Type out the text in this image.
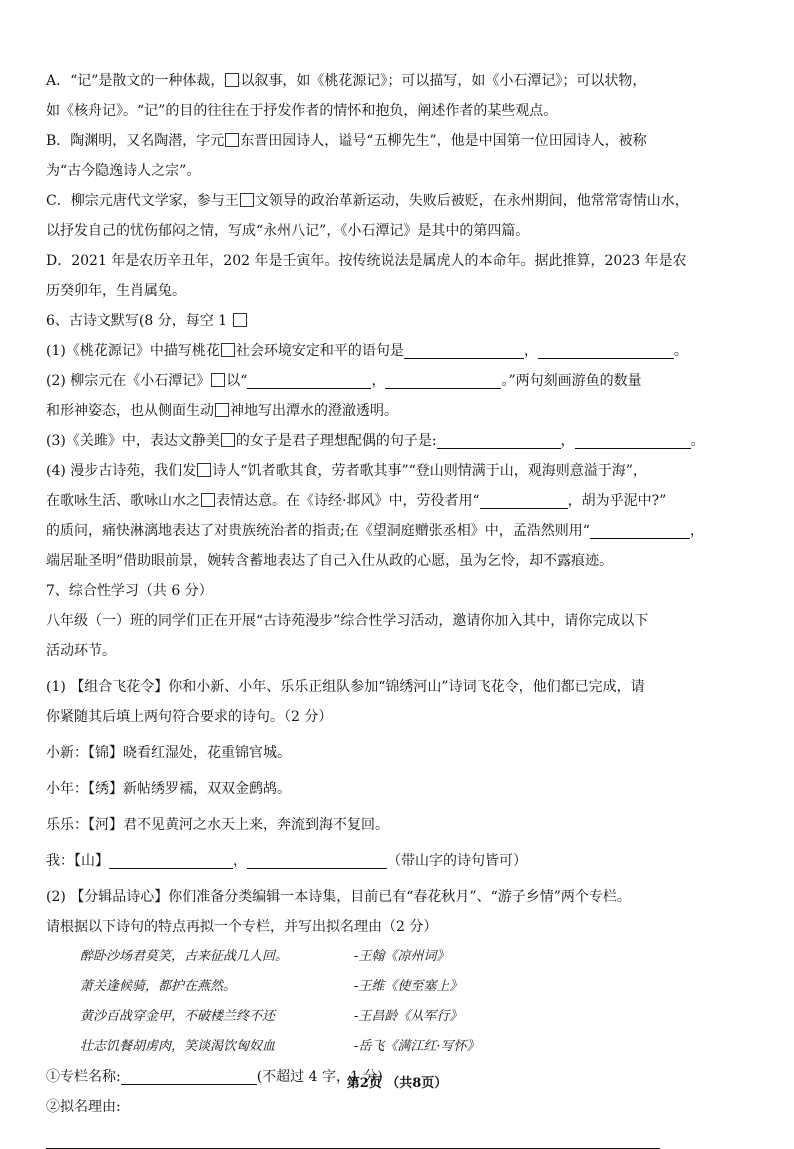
A．“记”是散文的一种体裁， 以叙事，如《桃花源记》；可以描写，如《小石潭记》；可以状物，

如《核舟记》。“记”的目的往往在于抒发作者的情怀和抱负，阐述作者的某些观点。

B．陶渊明，又名陶潜，字元 东晋田园诗人，谥号“五柳先生”，他是中国第一位田园诗人，被称

为“古今隐逸诗人之宗”。

C．柳宗元唐代文学家，参与王 文领导的政治革新运动，失败后被贬，在永州期间，他常常寄情山水，

以抒发自己的忧伤郁闷之情，写成“永州八记”，《小石潭记》是其中的第四篇。

D．2021 年是农历辛丑年，202 年是壬寅年。按传统说法是属虎人的本命年。据此推算，2023 年是农

历癸卯年，生肖属兔。

6、古诗文默写(8 分，每空 1

(1)《桃花源记》中描写桃花 社会环境安定和平的语句是	，	。

(2) 柳宗元在《小石潭记》 以“	，	。”两句刻画游鱼的数量

和形神姿态，也从侧面生动 神地写出潭水的澄澈透明。

(3)《关雎》中，表达文静美 的女子是君子理想配偶的句子是:	，	。

(4) 漫步古诗苑，我们发 诗人“饥者歌其食，劳者歌其事”“登山则情满于山，观海则意溢于海”，

在歌咏生活、歌咏山水之 表情达意。在《诗经·邶风》中，劳役者用“	，胡为乎泥中?”

的质问，痛快淋漓地表达了对贵族统治者的指责;在《望洞庭赠张丞相》中，孟浩然则用“	，

端居耻圣明”借助眼前景，婉转含蓄地表达了自己入仕从政的心愿，虽为乞怜，却不露痕迹。

7、综合性学习（共 6 分）

八年级（一）班的同学们正在开展“古诗苑漫步”综合性学习活动，邀请你加入其中，请你完成以下

活动环节。

(1) 【组合飞花令】你和小新、小年、乐乐正组队参加“锦绣河山”诗词飞花令，他们都已完成，请

你紧随其后填上两句符合要求的诗句。（2 分）

小新：【锦】晓看红湿处，花重锦官城。

小年：【绣】新帖绣罗襦，双双金鹧鸪。

乐乐：【河】君不见黄河之水天上来，奔流到海不复回。

我：【山】	，	（带山字的诗句皆可）

(2) 【分辑品诗心】你们准备分类编辑一本诗集，目前已有“春花秋月”、“游子乡情”两个专栏。

请根据以下诗句的特点再拟一个专栏，并写出拟名理由（2 分）

醉卧沙场君莫笑，古来征战几人回。	-王翰《凉州词》
萧关逢候骑，都护在燕然。	-王维《使至塞上》
黄沙百战穿金甲，不破楼兰终不还	-王昌龄《从军行》
壮志饥餐胡虏肉，笑谈渴饮匈奴血	-岳飞《满江红·写怀》

①专栏名称:	(不超过 4 字，1 分)

②拟名理由:

第2页 （共8页）
